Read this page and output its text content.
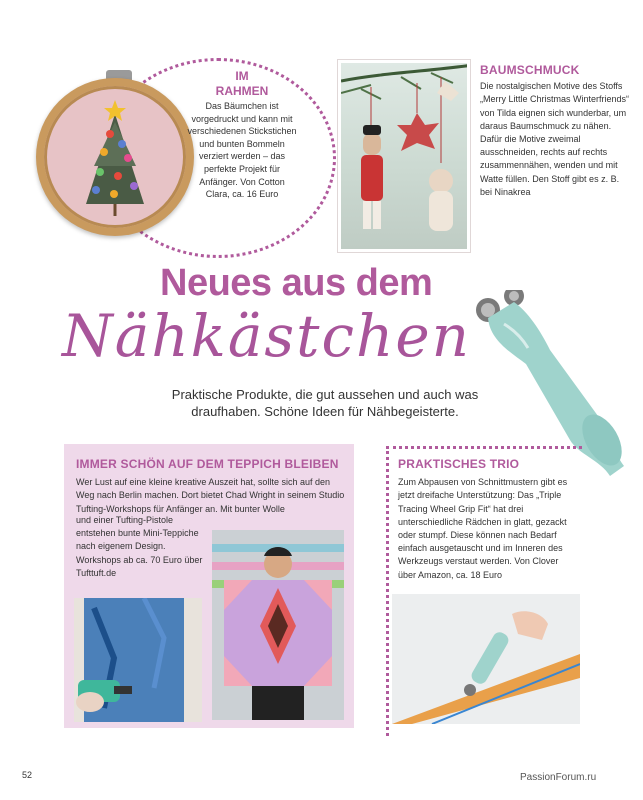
IM
RAHMEN
Das Bäumchen ist vorgedruckt und kann mit verschiedenen Stickstichen und bunten Bommeln verziert werden – das perfekte Projekt für Anfänger. Von Cotton Clara, ca. 16 Euro
BAUMSCHMUCK
Die nostalgischen Motive des Stoffs „Merry Little Christmas Winterfriends“ von Tilda eignen sich wunderbar, um daraus Baumschmuck zu nähen. Dafür die Motive zweimal ausschneiden, rechts auf rechts zusammennähen, wenden und mit Watte füllen. Den Stoff gibt es z. B. bei Ninakrea
Neues aus dem
Nähkästchen
Praktische Produkte, die gut aussehen und auch was draufhaben. Schöne Ideen für Nähbegeisterte.
IMMER SCHÖN AUF DEM TEPPICH BLEIBEN
Wer Lust auf eine kleine kreative Auszeit hat, sollte sich auf den Weg nach Berlin machen. Dort bietet Chad Wright in seinem Studio Tufting-Workshops für Anfänger an. Mit bunter Wolle
und einer Tufting-Pistole entstehen bunte Mini-Teppiche nach eigenem Design. Workshops ab ca. 70 Euro über Tufttuft.de
PRAKTISCHES TRIO
Zum Abpausen von Schnittmustern gibt es jetzt dreifache Unterstützung: Das „Triple Tracing Wheel Grip Fit“ hat drei unterschiedliche Rädchen in glatt, gezackt oder stumpf. Diese können nach Bedarf einfach ausgetauscht und im Inneren des Werkzeugs verstaut werden. Von Clover über Amazon, ca. 18 Euro
52	PassionForum.ru
